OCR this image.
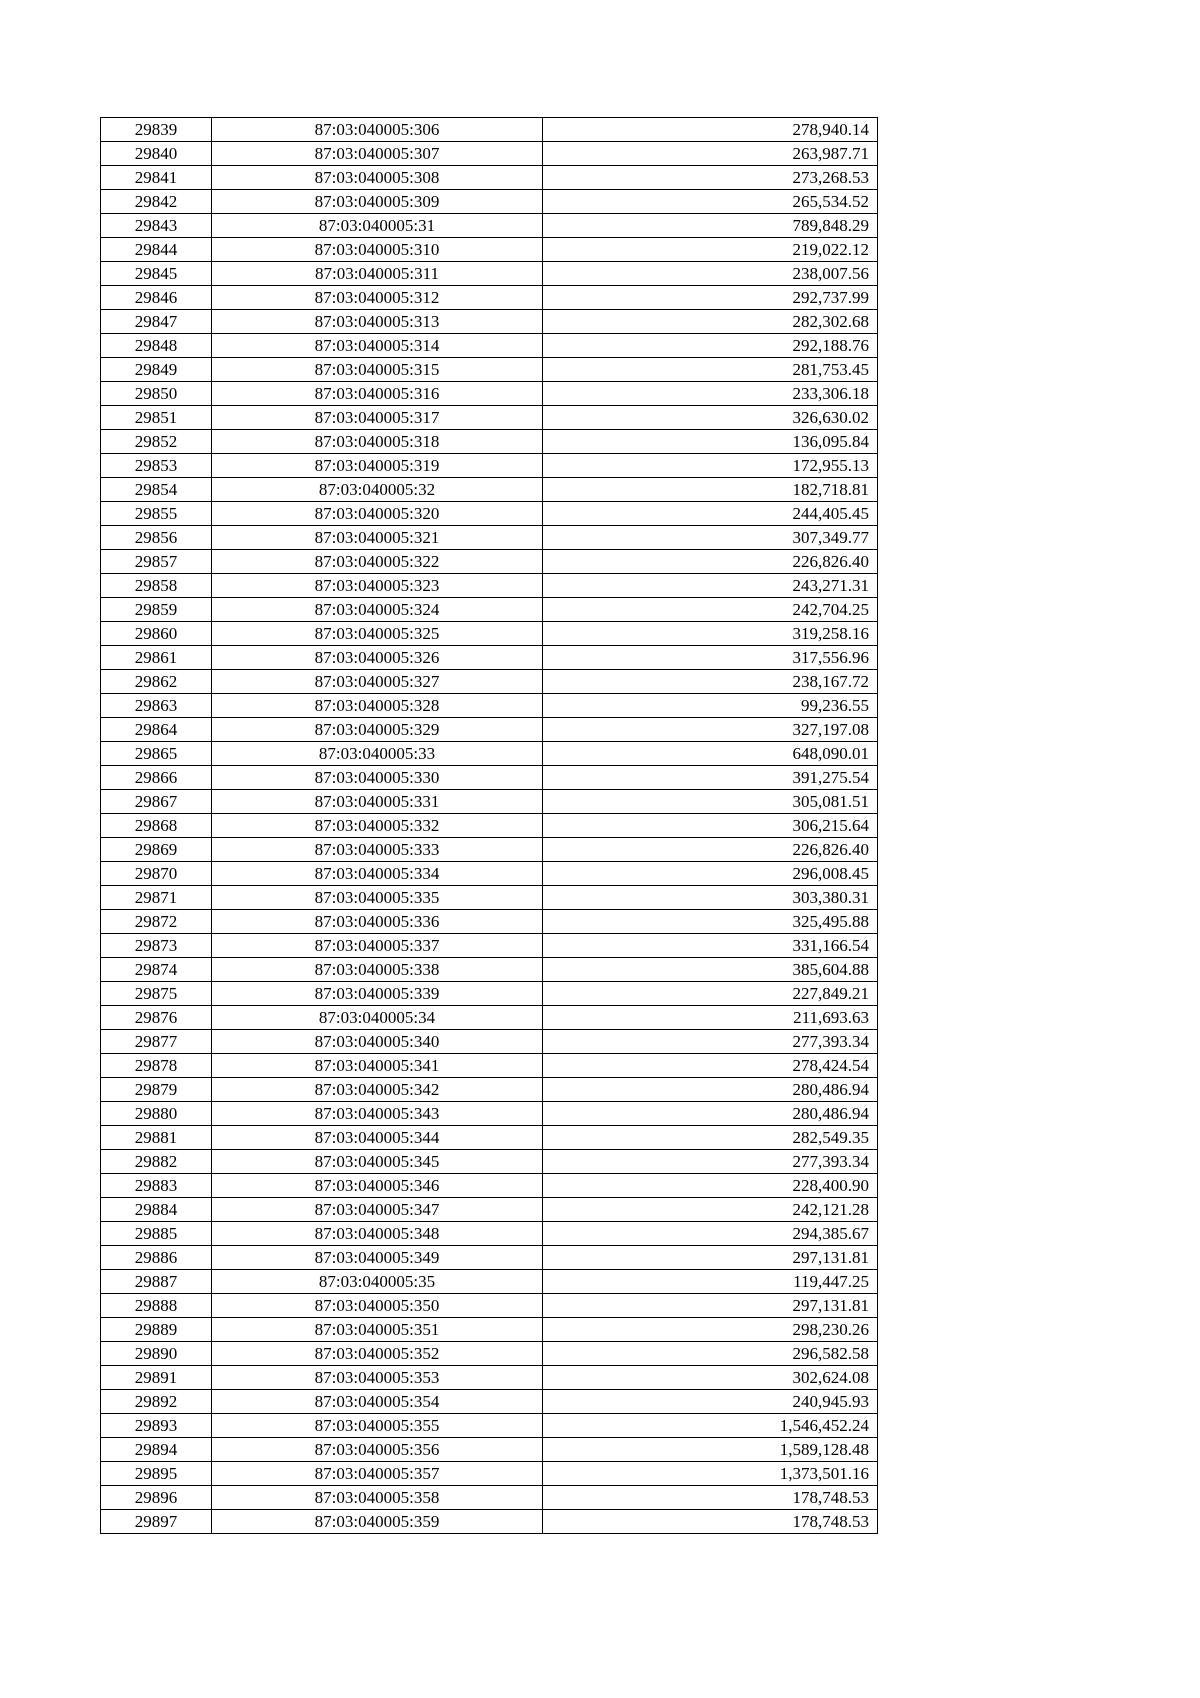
29839	87:03:040005:306	278,940.14
29840	87:03:040005:307	263,987.71
29841	87:03:040005:308	273,268.53
29842	87:03:040005:309	265,534.52
29843	87:03:040005:31	789,848.29
29844	87:03:040005:310	219,022.12
29845	87:03:040005:311	238,007.56
29846	87:03:040005:312	292,737.99
29847	87:03:040005:313	282,302.68
29848	87:03:040005:314	292,188.76
29849	87:03:040005:315	281,753.45
29850	87:03:040005:316	233,306.18
29851	87:03:040005:317	326,630.02
29852	87:03:040005:318	136,095.84
29853	87:03:040005:319	172,955.13
29854	87:03:040005:32	182,718.81
29855	87:03:040005:320	244,405.45
29856	87:03:040005:321	307,349.77
29857	87:03:040005:322	226,826.40
29858	87:03:040005:323	243,271.31
29859	87:03:040005:324	242,704.25
29860	87:03:040005:325	319,258.16
29861	87:03:040005:326	317,556.96
29862	87:03:040005:327	238,167.72
29863	87:03:040005:328	99,236.55
29864	87:03:040005:329	327,197.08
29865	87:03:040005:33	648,090.01
29866	87:03:040005:330	391,275.54
29867	87:03:040005:331	305,081.51
29868	87:03:040005:332	306,215.64
29869	87:03:040005:333	226,826.40
29870	87:03:040005:334	296,008.45
29871	87:03:040005:335	303,380.31
29872	87:03:040005:336	325,495.88
29873	87:03:040005:337	331,166.54
29874	87:03:040005:338	385,604.88
29875	87:03:040005:339	227,849.21
29876	87:03:040005:34	211,693.63
29877	87:03:040005:340	277,393.34
29878	87:03:040005:341	278,424.54
29879	87:03:040005:342	280,486.94
29880	87:03:040005:343	280,486.94
29881	87:03:040005:344	282,549.35
29882	87:03:040005:345	277,393.34
29883	87:03:040005:346	228,400.90
29884	87:03:040005:347	242,121.28
29885	87:03:040005:348	294,385.67
29886	87:03:040005:349	297,131.81
29887	87:03:040005:35	119,447.25
29888	87:03:040005:350	297,131.81
29889	87:03:040005:351	298,230.26
29890	87:03:040005:352	296,582.58
29891	87:03:040005:353	302,624.08
29892	87:03:040005:354	240,945.93
29893	87:03:040005:355	1,546,452.24
29894	87:03:040005:356	1,589,128.48
29895	87:03:040005:357	1,373,501.16
29896	87:03:040005:358	178,748.53
29897	87:03:040005:359	178,748.53
